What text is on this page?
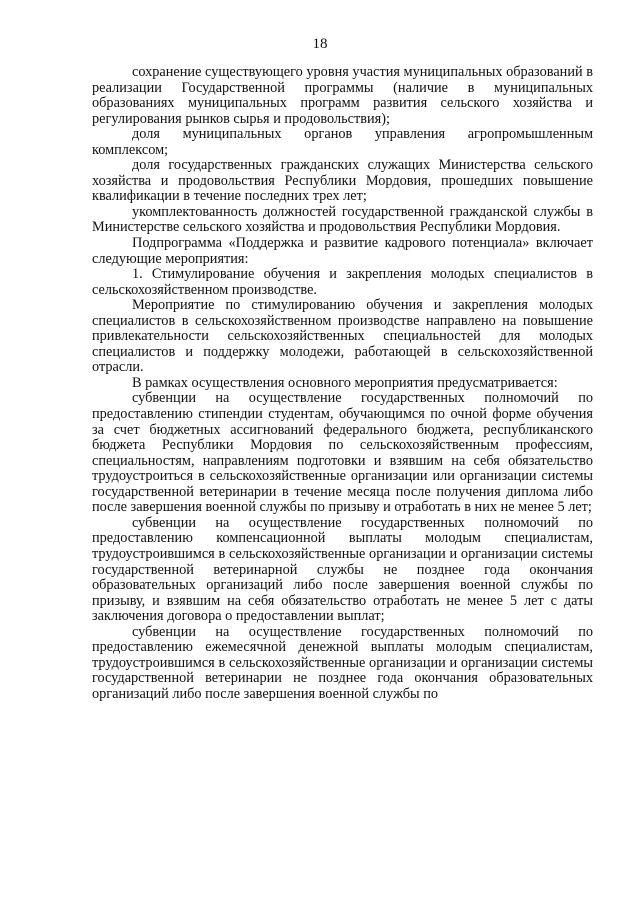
18

сохранение существующего уровня участия муниципальных образований в реализации Государственной программы (наличие в муниципальных образованиях муниципальных программ развития сельского хозяйства и регулирования рынков сырья и продовольствия);

доля муниципальных органов управления агропромышленным комплексом;

доля государственных гражданских служащих Министерства сельского хозяйства и продовольствия Республики Мордовия, прошедших повышение квалификации в течение последних трех лет;

укомплектованность должностей государственной гражданской службы в Министерстве сельского хозяйства и продовольствия Республики Мордовия.

Подпрограмма «Поддержка и развитие кадрового потенциала» включает следующие мероприятия:

1. Стимулирование обучения и закрепления молодых специалистов в сельскохозяйственном производстве.

Мероприятие по стимулированию обучения и закрепления молодых специалистов в сельскохозяйственном производстве направлено на повышение привлекательности сельскохозяйственных специальностей для молодых специалистов и поддержку молодежи, работающей в сельскохозяйственной отрасли.

В рамках осуществления основного мероприятия предусматривается:

субвенции на осуществление государственных полномочий по предоставлению стипендии студентам, обучающимся по очной форме обучения за счет бюджетных ассигнований федерального бюджета, республиканского бюджета Республики Мордовия по сельскохозяйственным профессиям, специальностям, направлениям подготовки и взявшим на себя обязательство трудоустроиться в сельскохозяйственные организации или организации системы государственной ветеринарии в течение месяца после получения диплома либо после завершения военной службы по призыву и отработать в них не менее 5 лет;

субвенции на осуществление государственных полномочий по предоставлению компенсационной выплаты молодым специалистам, трудоустроившимся в сельскохозяйственные организации и организации системы государственной ветеринарной службы не позднее года окончания образовательных организаций либо после завершения военной службы по призыву, и взявшим на себя обязательство отработать не менее 5 лет с даты заключения договора о предоставлении выплат;

субвенции на осуществление государственных полномочий по предоставлению ежемесячной денежной выплаты молодым специалистам, трудоустроившимся в сельскохозяйственные организации и организации системы государственной ветеринарии не позднее года окончания образовательных организаций либо после завершения военной службы по
